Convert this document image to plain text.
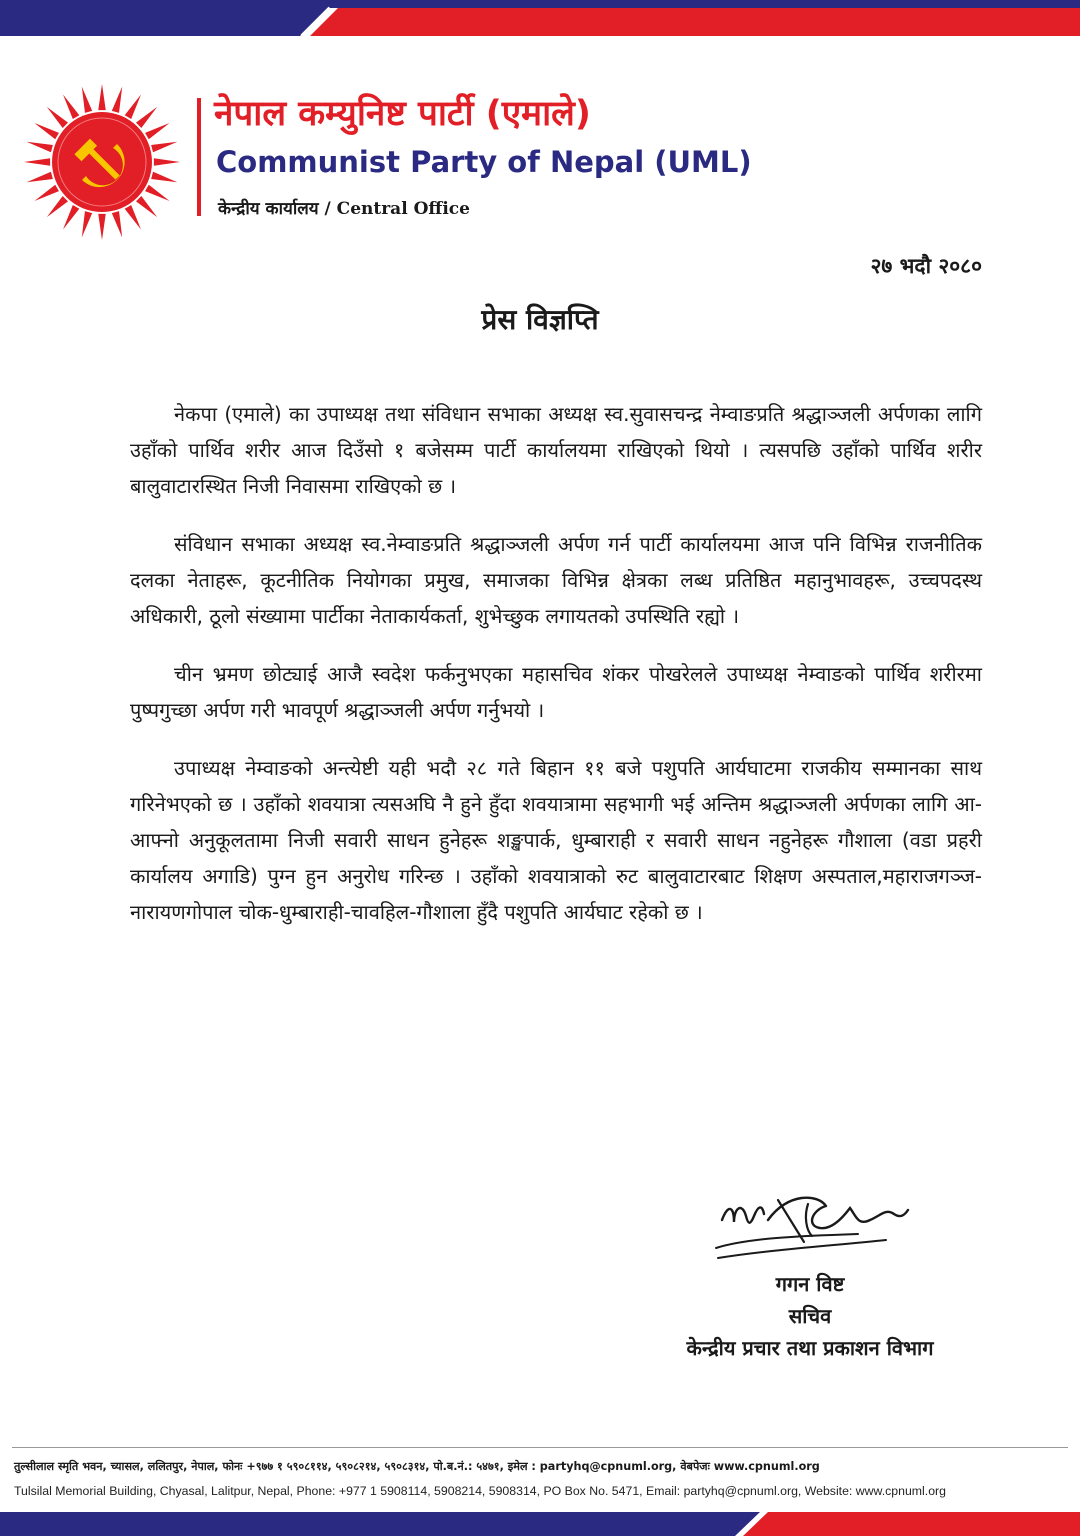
नेपाल कम्युनिष्ट पार्टी (एमाले)
Communist Party of Nepal (UML)
केन्द्रीय कार्यालय / Central Office
२७ भदौ २०८०
प्रेस विज्ञप्ति

नेकपा (एमाले) का उपाध्यक्ष तथा संविधान सभाका अध्यक्ष स्व.सुवासचन्द्र नेम्वाङप्रति श्रद्धाञ्जली अर्पणका लागि उहाँको पार्थिव शरीर आज दिउँसो १ बजेसम्म पार्टी कार्यालयमा राखिएको थियो । त्यसपछि उहाँको पार्थिव शरीर बालुवाटारस्थित निजी निवासमा राखिएको छ ।

संविधान सभाका अध्यक्ष स्व.नेम्वाङप्रति श्रद्धाञ्जली अर्पण गर्न पार्टी कार्यालयमा आज पनि विभिन्न राजनीतिक दलका नेताहरू, कूटनीतिक नियोगका प्रमुख, समाजका विभिन्न क्षेत्रका लब्ध प्रतिष्ठित महानुभावहरू, उच्चपदस्थ अधिकारी, ठूलो संख्यामा पार्टीका नेताकार्यकर्ता, शुभेच्छुक लगायतको उपस्थिति रह्यो ।

चीन भ्रमण छोट्याई आजै स्वदेश फर्कनुभएका महासचिव शंकर पोखरेलले उपाध्यक्ष नेम्वाङको पार्थिव शरीरमा पुष्पगुच्छा अर्पण गरी भावपूर्ण श्रद्धाञ्जली अर्पण गर्नुभयो ।

उपाध्यक्ष नेम्वाङको अन्त्येष्टी यही भदौ २८ गते बिहान ११ बजे पशुपति आर्यघाटमा राजकीय सम्मानका साथ गरिनेभएको छ । उहाँको शवयात्रा त्यसअघि नै हुने हुँदा शवयात्रामा सहभागी भई अन्तिम श्रद्धाञ्जली अर्पणका लागि आ-आफ्नो अनुकूलतामा निजी सवारी साधन हुनेहरू शङ्खपार्क, धुम्बाराही र सवारी साधन नहुनेहरू गौशाला (वडा प्रहरी कार्यालय अगाडि) पुग्न हुन अनुरोध गरिन्छ । उहाँको शवयात्राको रुट बालुवाटारबाट शिक्षण अस्पताल,महाराजगञ्ज-नारायणगोपाल चोक-धुम्बाराही-चावहिल-गौशाला हुँदै पशुपति आर्यघाट रहेको छ ।

गगन विष्ट
सचिव
केन्द्रीय प्रचार तथा प्रकाशन विभाग
तुल्सीलाल स्मृति भवन, च्यासल, ललितपुर, नेपाल, फोनः +९७७ १ ५९०८११४, ५९०८२१४, ५९०८३१४, पो.ब.नं.: ५४७१, इमेल : partyhq@cpnuml.org, वेबपेजः www.cpnuml.org
Tulsilal Memorial Building, Chyasal, Lalitpur, Nepal, Phone: +977 1 5908114, 5908214, 5908314, PO Box No. 5471, Email: partyhq@cpnuml.org, Website: www.cpnuml.org
